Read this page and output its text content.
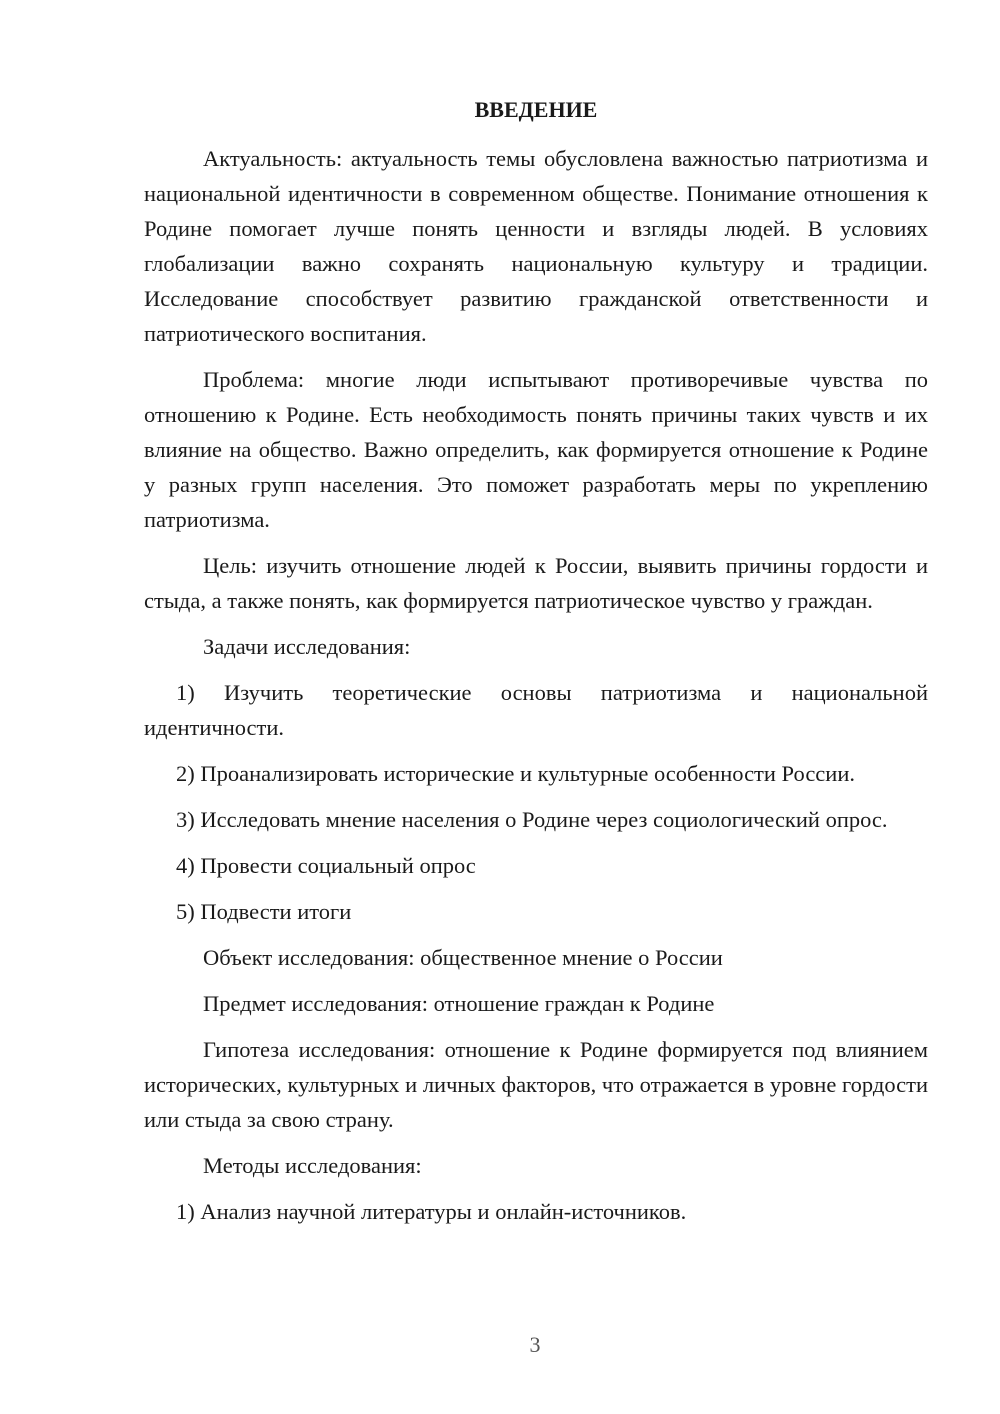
ВВЕДЕНИЕ

Актуальность: актуальность темы обусловлена важностью патриотизма и национальной идентичности в современном обществе. Понимание отношения к Родине помогает лучше понять ценности и взгляды людей. В условиях глобализации важно сохранять национальную культуру и традиции. Исследование способствует развитию гражданской ответственности и патриотического воспитания.

Проблема: многие люди испытывают противоречивые чувства по отношению к Родине. Есть необходимость понять причины таких чувств и их влияние на общество. Важно определить, как формируется отношение к Родине у разных групп населения. Это поможет разработать меры по укреплению патриотизма.

Цель: изучить отношение людей к России, выявить причины гордости и стыда, а также понять, как формируется патриотическое чувство у граждан.

Задачи исследования:

1) Изучить теоретические основы патриотизма и национальной идентичности.

2) Проанализировать исторические и культурные особенности России.

3) Исследовать мнение населения о Родине через социологический опрос.

4) Провести социальный опрос

5) Подвести итоги

Объект исследования: общественное мнение о России

Предмет исследования: отношение граждан к Родине

Гипотеза исследования: отношение к Родине формируется под влиянием исторических, культурных и личных факторов, что отражается в уровне гордости или стыда за свою страну.

Методы исследования:

1) Анализ научной литературы и онлайн-источников.

3
